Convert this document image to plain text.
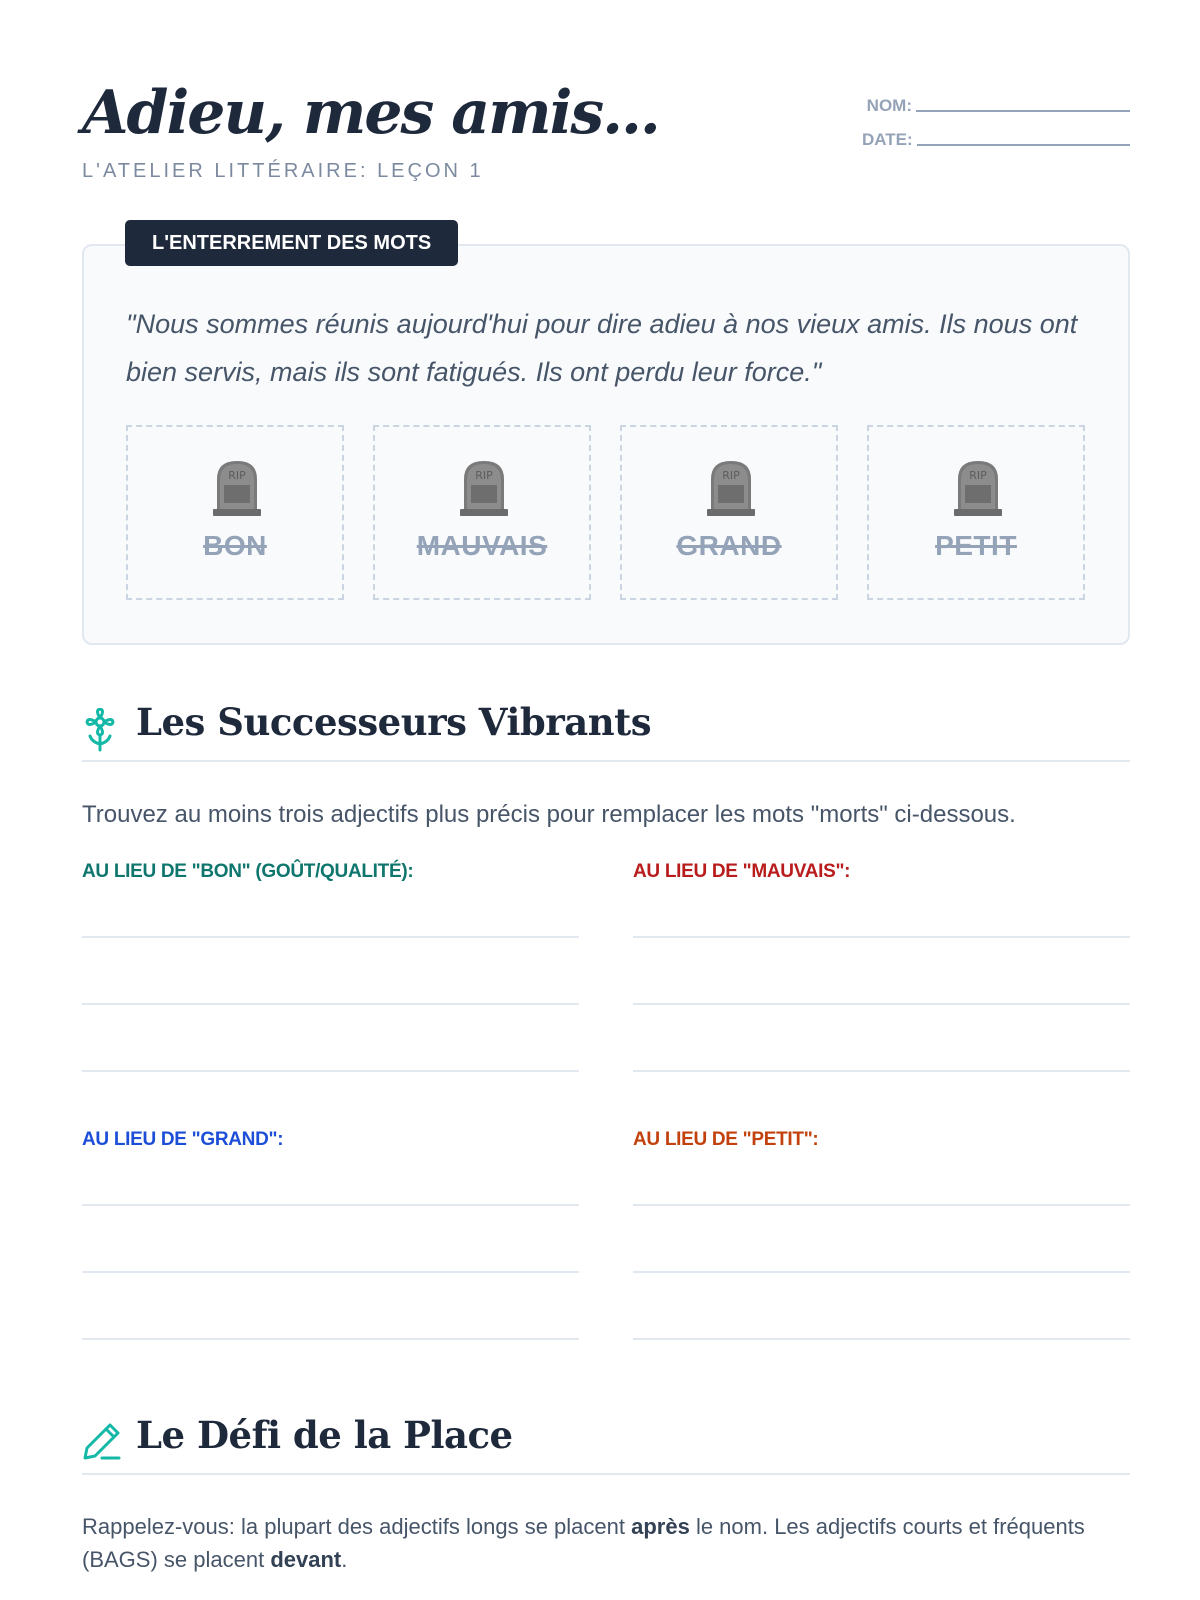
Adieu, mes amis...
L'ATELIER LITTÉRAIRE: LEÇON 1
NOM:
DATE:
L'ENTERREMENT DES MOTS

"Nous sommes réunis aujourd'hui pour dire adieu à nos vieux amis. Ils nous ont bien servis, mais ils sont fatigués. Ils ont perdu leur force."

RIP
BON
RIP
MAUVAIS
RIP
GRAND
RIP
PETIT
Les Successeurs Vibrants
Trouvez au moins trois adjectifs plus précis pour remplacer les mots "morts" ci-dessous.
AU LIEU DE "BON" (GOÛT/QUALITÉ):	AU LIEU DE "MAUVAIS":
AU LIEU DE "GRAND":	AU LIEU DE "PETIT":
Le Défi de la Place

Rappelez-vous: la plupart des adjectifs longs se placent après le nom. Les adjectifs courts et fréquents (BAGS) se placent devant.
